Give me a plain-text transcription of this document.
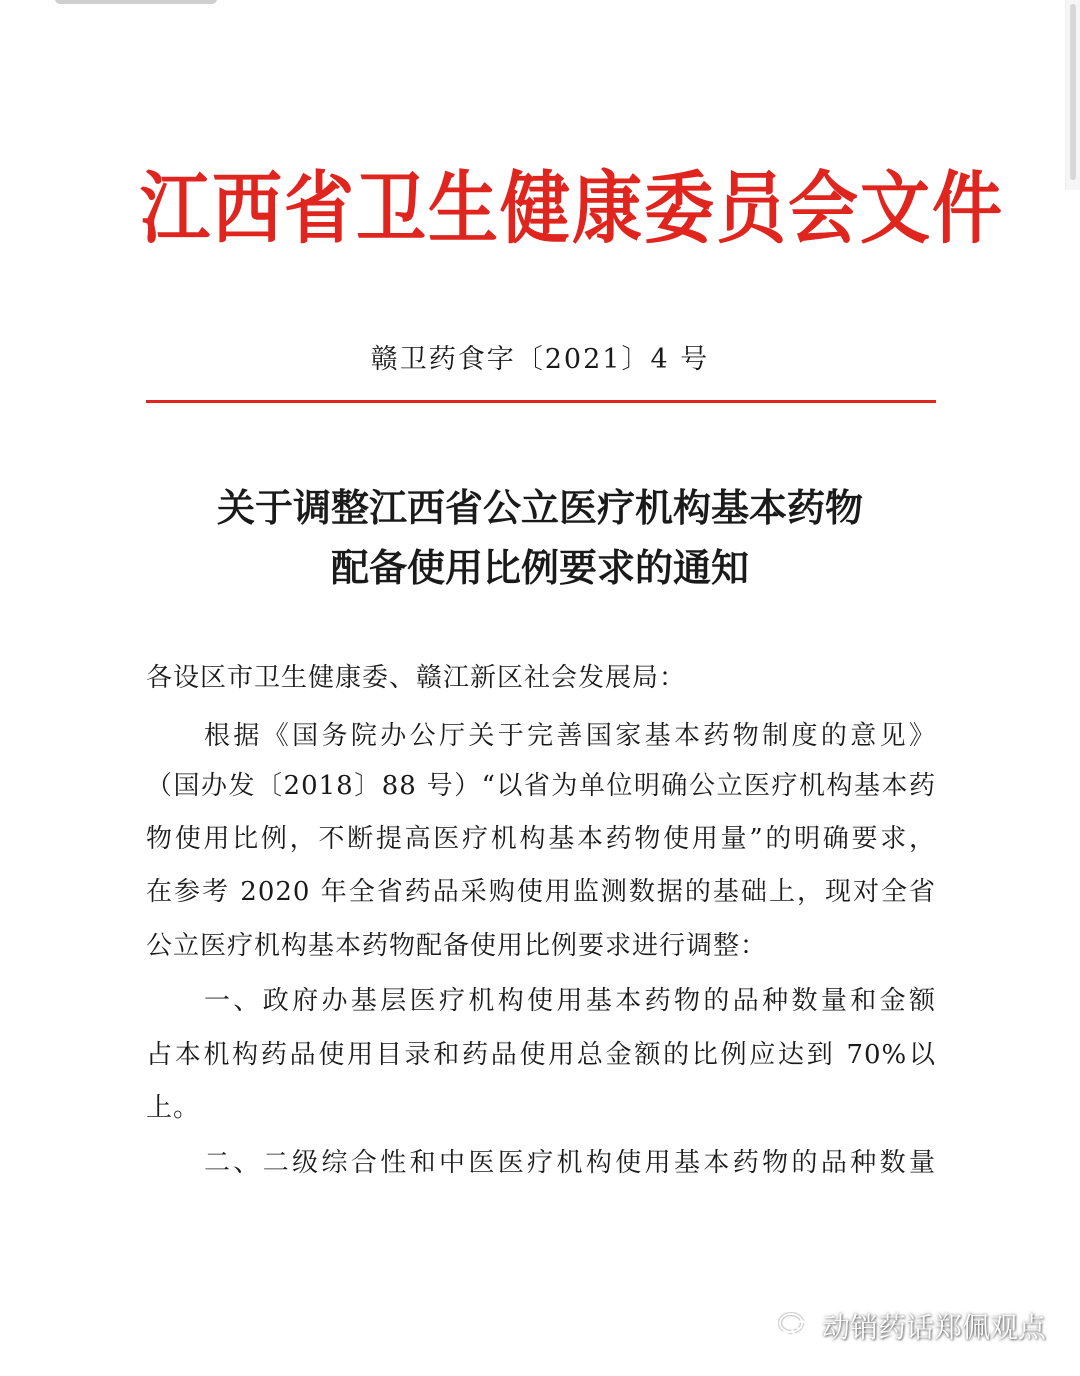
江西省卫生健康委员会文件
赣卫药食字〔2021〕4 号
关于调整江西省公立医疗机构基本药物
配备使用比例要求的通知
各设区市卫生健康委、赣江新区社会发展局：
根据《国务院办公厅关于完善国家基本药物制度的意见》
（国办发〔2018〕88 号）“以省为单位明确公立医疗机构基本药
物使用比例，不断提高医疗机构基本药物使用量”的明确要求，
在参考 2020 年全省药品采购使用监测数据的基础上，现对全省
公立医疗机构基本药物配备使用比例要求进行调整：
一、政府办基层医疗机构使用基本药物的品种数量和金额
占本机构药品使用目录和药品使用总金额的比例应达到 70%以
上。
二、二级综合性和中医医疗机构使用基本药物的品种数量
动销药话郑佩观点
